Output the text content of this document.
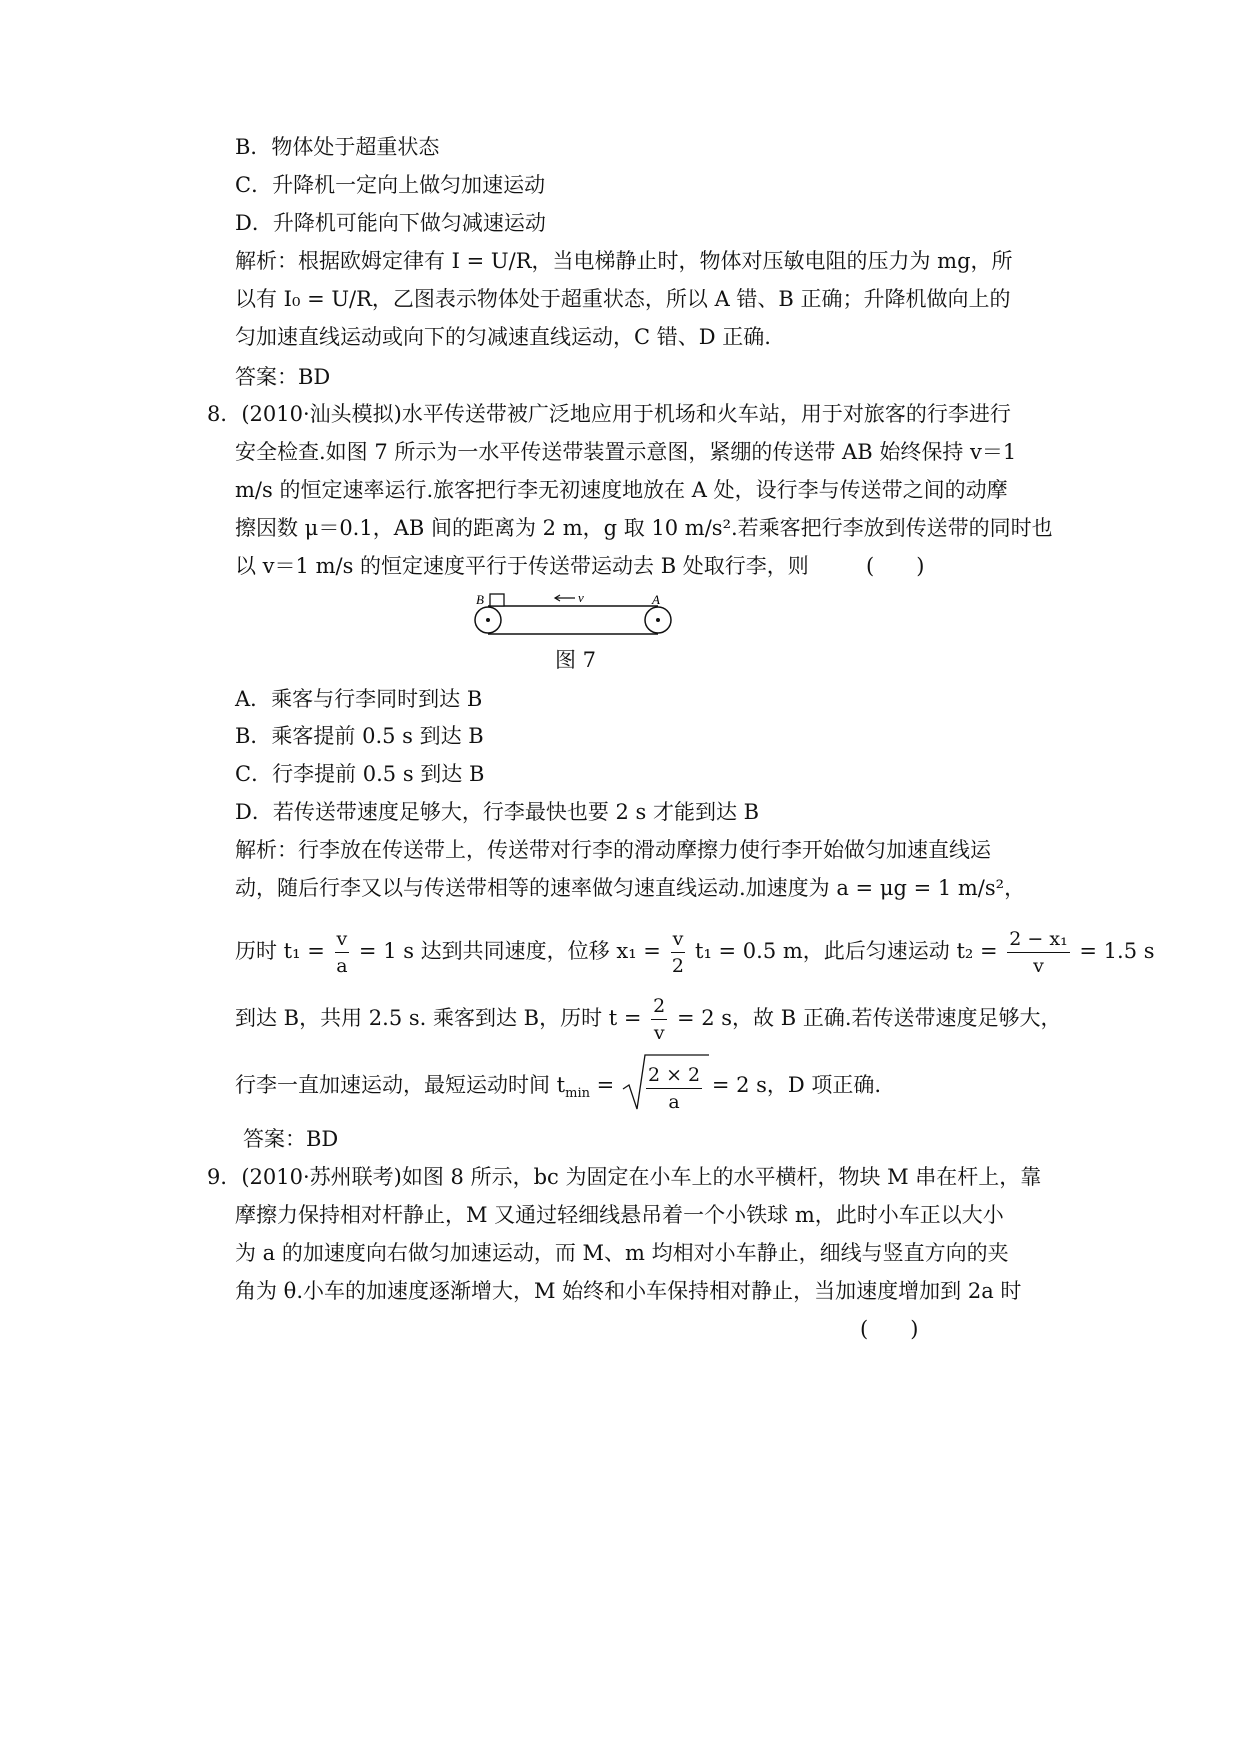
B．物体处于超重状态
C．升降机一定向上做匀加速运动
D．升降机可能向下做匀减速运动
解析：根据欧姆定律有 I = U/R，当电梯静止时，物体对压敏电阻的压力为 mg，所
以有 I₀ = U/R，乙图表示物体处于超重状态，所以 A 错、B 正确；升降机做向上的
匀加速直线运动或向下的匀减速直线运动，C 错、D 正确.
答案：BD
8．(2010·汕头模拟)水平传送带被广泛地应用于机场和火车站，用于对旅客的行李进行
安全检查.如图 7 所示为一水平传送带装置示意图，紧绷的传送带 AB 始终保持 v＝1
m/s 的恒定速率运行.旅客把行李无初速度地放在 A 处，设行李与传送带之间的动摩
擦因数 μ＝0.1，AB 间的距离为 2 m，g 取 10 m/s².若乘客把行李放到传送带的同时也
以 v＝1 m/s 的恒定速度平行于传送带运动去 B 处取行李，则	(　　)
B	v	A
图 7
A．乘客与行李同时到达 B
B．乘客提前 0.5 s 到达 B
C．行李提前 0.5 s 到达 B
D．若传送带速度足够大，行李最快也要 2 s 才能到达 B
解析：行李放在传送带上，传送带对行李的滑动摩擦力使行李开始做匀加速直线运
动，随后行李又以与传送带相等的速率做匀速直线运动.加速度为 a = μg = 1 m/s²，
历时 $t_1 = \frac{v}{a} = 1$ s 达到共同速度，位移 $x_1 = \frac{v}{2} t_1 = 0.5$ m，此后匀速运动 $t_2 = \frac{\text{2 − x₁}}{v} = 1.5$ s
到达 B，共用 2.5 s. 乘客到达 B，历时 $t = \frac{2}{v} = 2$ s，故 B 正确.若传送带速度足够大，
行李一直加速运动，最短运动时间 $t_{min} = \frac{2 \times 2}{a} = 2$ s，D 项正确.
答案：BD
9．(2010·苏州联考)如图 8 所示，bc 为固定在小车上的水平横杆，物块 M 串在杆上，靠
摩擦力保持相对杆静止，M 又通过轻细线悬吊着一个小铁球 m，此时小车正以大小
为 a 的加速度向右做匀加速运动，而 M、m 均相对小车静止，细线与竖直方向的夹
角为 θ.小车的加速度逐渐增大，M 始终和小车保持相对静止，当加速度增加到 2a 时
(　　)
